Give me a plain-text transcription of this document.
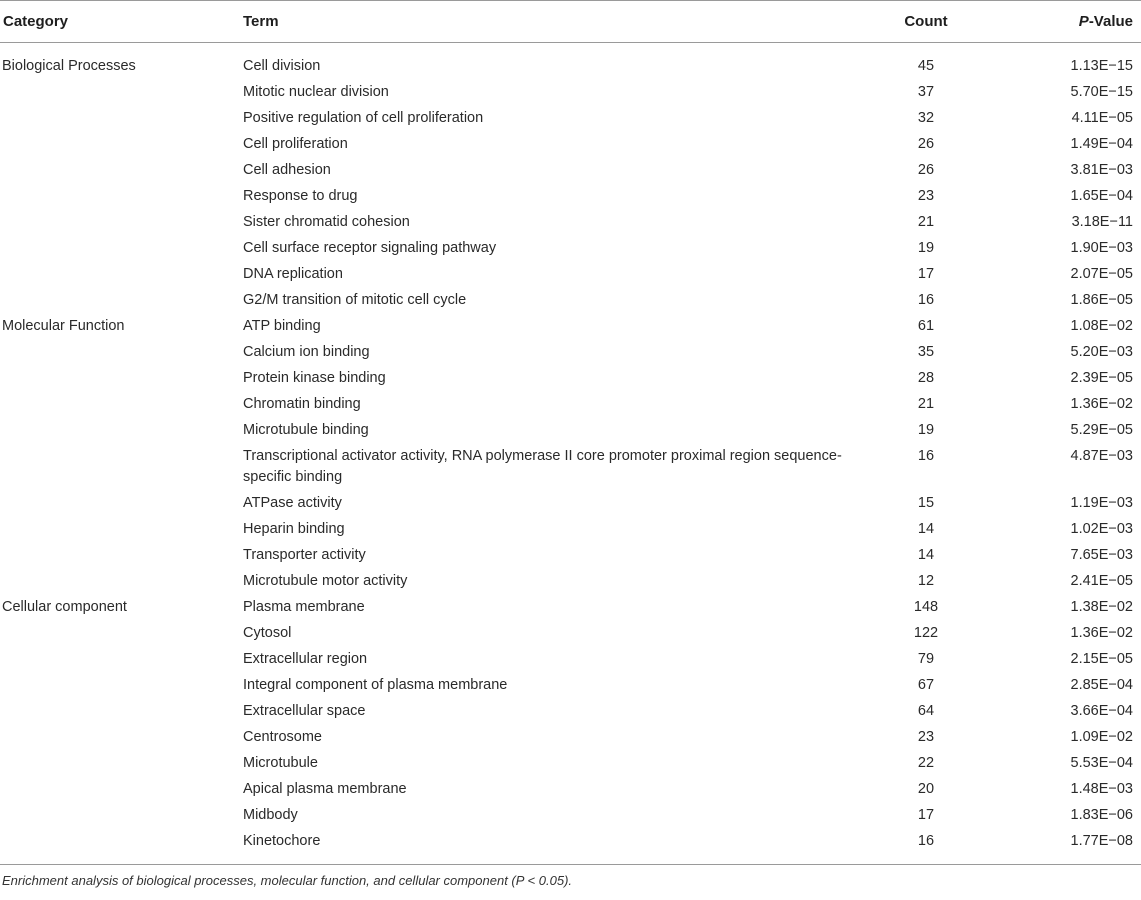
Category	Term	Count	P-Value
Biological Processes	Cell division	45	1.13E−15
	Mitotic nuclear division	37	5.70E−15
	Positive regulation of cell proliferation	32	4.11E−05
	Cell proliferation	26	1.49E−04
	Cell adhesion	26	3.81E−03
	Response to drug	23	1.65E−04
	Sister chromatid cohesion	21	3.18E−11
	Cell surface receptor signaling pathway	19	1.90E−03
	DNA replication	17	2.07E−05
	G2/M transition of mitotic cell cycle	16	1.86E−05
Molecular Function	ATP binding	61	1.08E−02
	Calcium ion binding	35	5.20E−03
	Protein kinase binding	28	2.39E−05
	Chromatin binding	21	1.36E−02
	Microtubule binding	19	5.29E−05
	Transcriptional activator activity, RNA polymerase II core promoter proximal region sequence-specific binding	16	4.87E−03
	ATPase activity	15	1.19E−03
	Heparin binding	14	1.02E−03
	Transporter activity	14	7.65E−03
	Microtubule motor activity	12	2.41E−05
Cellular component	Plasma membrane	148	1.38E−02
	Cytosol	122	1.36E−02
	Extracellular region	79	2.15E−05
	Integral component of plasma membrane	67	2.85E−04
	Extracellular space	64	3.66E−04
	Centrosome	23	1.09E−02
	Microtubule	22	5.53E−04
	Apical plasma membrane	20	1.48E−03
	Midbody	17	1.83E−06
	Kinetochore	16	1.77E−08
Enrichment analysis of biological processes, molecular function, and cellular component (P < 0.05).
